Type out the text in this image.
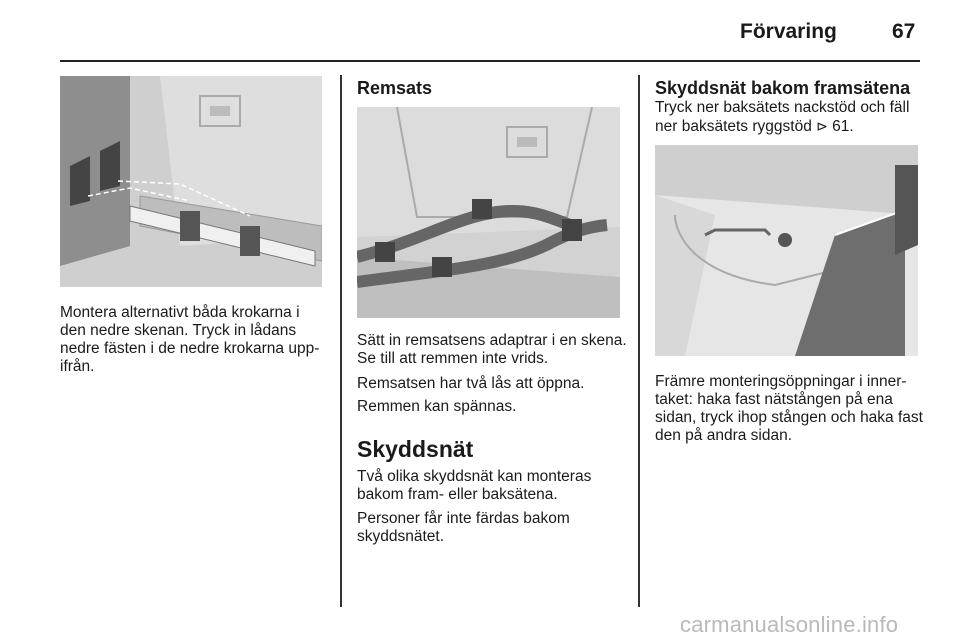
Förvaring	67

Montera alternativt båda krokarna i den nedre skenan. Tryck in lådans nedre fästen i de nedre krokarna uppifrån.

Remsats

Sätt in remsatsens adaptrar i en skena. Se till att remmen inte vrids.

Remsatsen har två lås att öppna.

Remmen kan spännas.

Skyddsnät

Två olika skyddsnät kan monteras bakom fram- eller baksätena.

Personer får inte färdas bakom skyddsnätet.

Skyddsnät bakom framsätena

Tryck ner baksätets nackstöd och fäll ner baksätets ryggstöd ⊳ 61.

Främre monteringsöppningar i innertaket: haka fast nätstången på ena sidan, tryck ihop stången och haka fast den på andra sidan.

carmanualsonline.info
